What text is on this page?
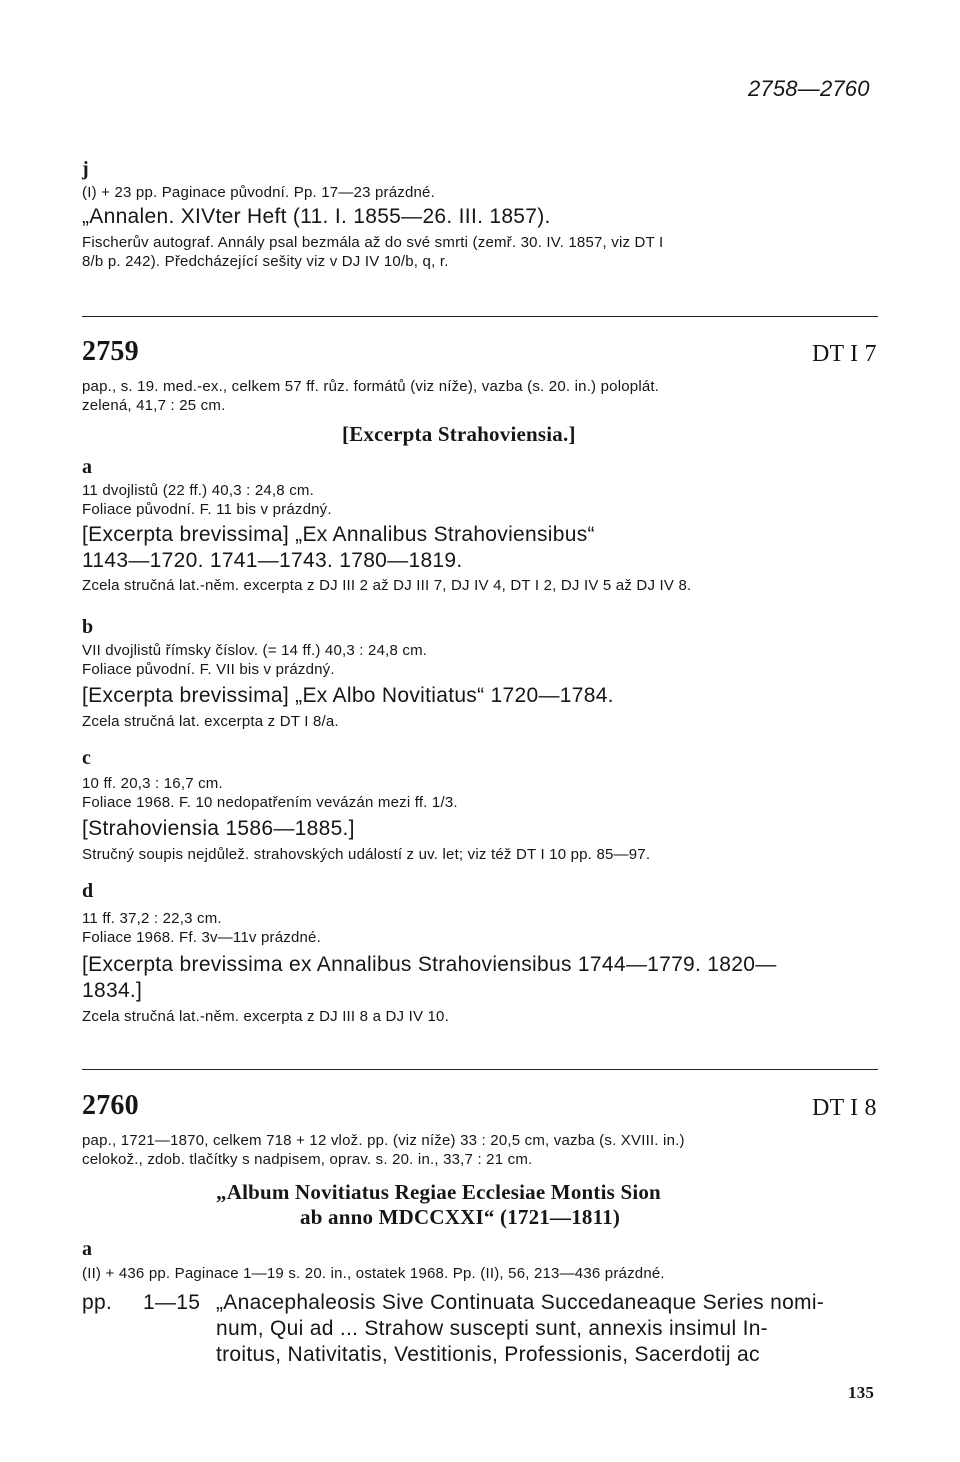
2758—2760
j
(I) + 23 pp. Paginace původní. Pp. 17—23 prázdné.
„Annalen. XIVter Heft (11. I. 1855—26. III. 1857).
Fischerův autograf. Annály psal bezmála až do své smrti (zemř. 30. IV. 1857, viz DT I
8/b p. 242). Předcházející sešity viz v DJ IV 10/b, q, r.
2759	DT I 7
pap., s. 19. med.-ex., celkem 57 ff. růz. formátů (viz níže), vazba (s. 20. in.) poloplát.
zelená, 41,7 : 25 cm.
[Excerpta Strahoviensia.]
a
11 dvojlistů (22 ff.) 40,3 : 24,8 cm.
Foliace původní. F. 11 bis v prázdný.
[Excerpta brevissima] „Ex Annalibus Strahoviensibus“
1143—1720. 1741—1743. 1780—1819.
Zcela stručná lat.-něm. excerpta z DJ III 2 až DJ III 7, DJ IV 4, DT I 2, DJ IV 5 až DJ IV 8.
b
VII dvojlistů římsky číslov. (= 14 ff.) 40,3 : 24,8 cm.
Foliace původní. F. VII bis v prázdný.
[Excerpta brevissima] „Ex Albo Novitiatus“ 1720—1784.
Zcela stručná lat. excerpta z DT I 8/a.
c
10 ff. 20,3 : 16,7 cm.
Foliace 1968. F. 10 nedopatřením vevázán mezi ff. 1/3.
[Strahoviensia 1586—1885.]
Stručný soupis nejdůlež. strahovských událostí z uv. let; viz též DT I 10 pp. 85—97.
d
11 ff. 37,2 : 22,3 cm.
Foliace 1968. Ff. 3v—11v prázdné.
[Excerpta brevissima ex Annalibus Strahoviensibus 1744—1779. 1820—
1834.]
Zcela stručná lat.-něm. excerpta z DJ III 8 a DJ IV 10.
2760	DT I 8
pap., 1721—1870, celkem 718 + 12 vlož. pp. (viz níže) 33 : 20,5 cm, vazba (s. XVIII. in.)
celokož., zdob. tlačítky s nadpisem, oprav. s. 20. in., 33,7 : 21 cm.
„Album Novitiatus Regiae Ecclesiae Montis Sion
ab anno MDCCXXI“ (1721—1811)
a
(II) + 436 pp. Paginace 1—19 s. 20. in., ostatek 1968. Pp. (II), 56, 213—436 prázdné.
pp. 1—15 „Anacephaleosis Sive Continuata Succedaneaque Series nomi-
num, Qui ad ... Strahow suscepti sunt, annexis insimul In-
troitus, Nativitatis, Vestitionis, Professionis, Sacerdotij ac
135
